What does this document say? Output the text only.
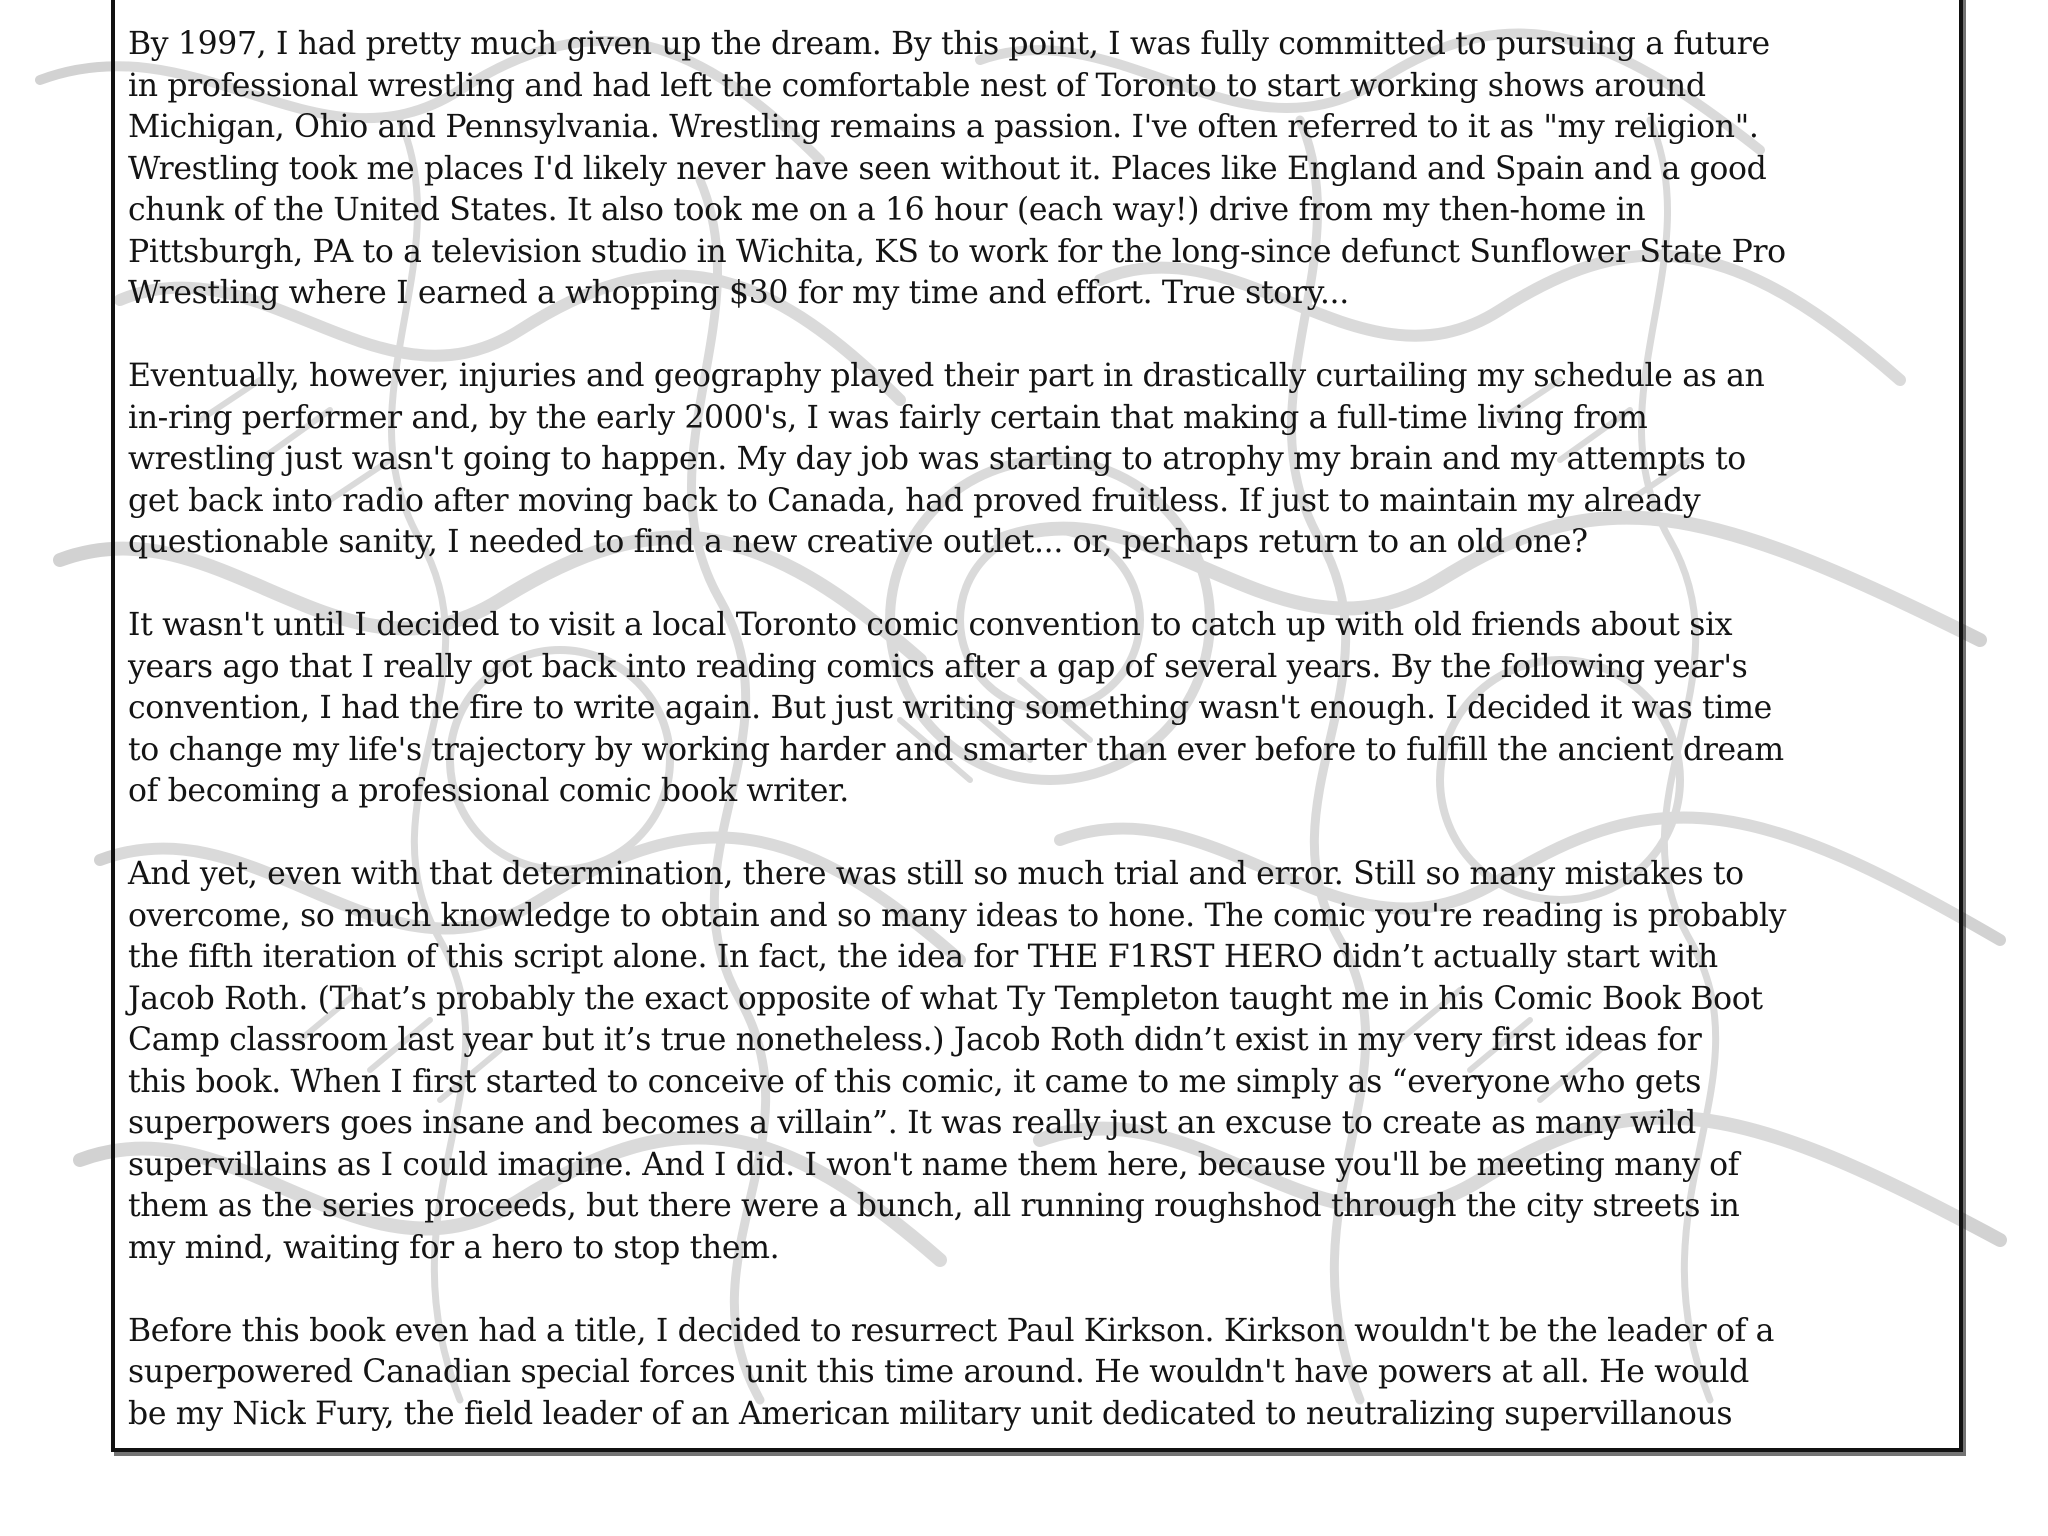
By 1997, I had pretty much given up the dream. By this point, I was fully committed to pursuing a future
in professional wrestling and had left the comfortable nest of Toronto to start working shows around
Michigan, Ohio and Pennsylvania. Wrestling remains a passion. I've often referred to it as "my religion".
Wrestling took me places I'd likely never have seen without it. Places like England and Spain and a good
chunk of the United States. It also took me on a 16 hour (each way!) drive from my then-home in
Pittsburgh, PA to a television studio in Wichita, KS to work for the long-since defunct Sunflower State Pro
Wrestling where I earned a whopping $30 for my time and effort. True story...

Eventually, however, injuries and geography played their part in drastically curtailing my schedule as an
in-ring performer and, by the early 2000's, I was fairly certain that making a full-time living from
wrestling just wasn't going to happen. My day job was starting to atrophy my brain and my attempts to
get back into radio after moving back to Canada, had proved fruitless. If just to maintain my already
questionable sanity, I needed to find a new creative outlet... or, perhaps return to an old one?

It wasn't until I decided to visit a local Toronto comic convention to catch up with old friends about six
years ago that I really got back into reading comics after a gap of several years. By the following year's
convention, I had the fire to write again. But just writing something wasn't enough. I decided it was time
to change my life's trajectory by working harder and smarter than ever before to fulfill the ancient dream
of becoming a professional comic book writer.

And yet, even with that determination, there was still so much trial and error. Still so many mistakes to
overcome, so much knowledge to obtain and so many ideas to hone. The comic you're reading is probably
the fifth iteration of this script alone. In fact, the idea for THE F1RST HERO didn’t actually start with
Jacob Roth. (That’s probably the exact opposite of what Ty Templeton taught me in his Comic Book Boot
Camp classroom last year but it’s true nonetheless.) Jacob Roth didn’t exist in my very first ideas for
this book. When I first started to conceive of this comic, it came to me simply as “everyone who gets
superpowers goes insane and becomes a villain”. It was really just an excuse to create as many wild
supervillains as I could imagine. And I did. I won't name them here, because you'll be meeting many of
them as the series proceeds, but there were a bunch, all running roughshod through the city streets in
my mind, waiting for a hero to stop them.

Before this book even had a title, I decided to resurrect Paul Kirkson. Kirkson wouldn't be the leader of a
superpowered Canadian special forces unit this time around. He wouldn't have powers at all. He would
be my Nick Fury, the field leader of an American military unit dedicated to neutralizing supervillanous
